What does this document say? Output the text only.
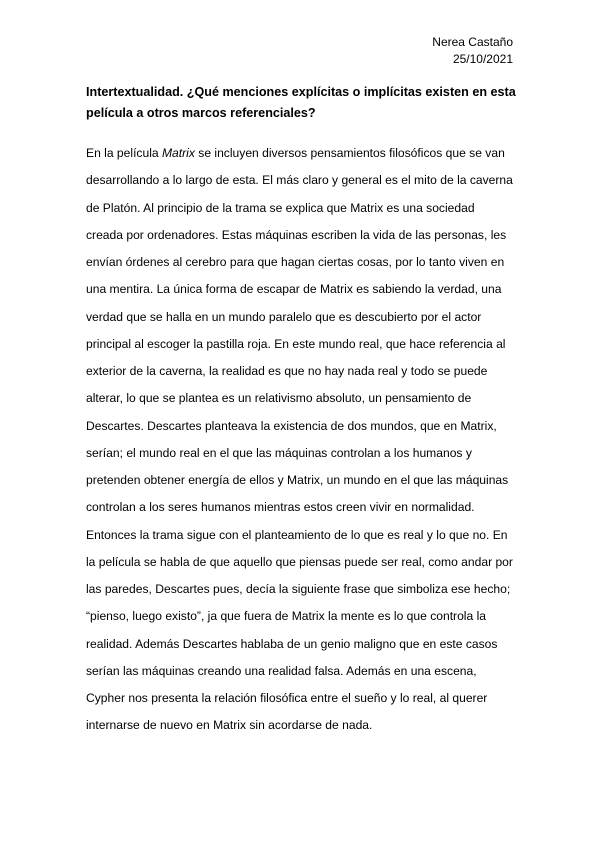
Nerea Castaño
25/10/2021

Intertextualidad. ¿Qué menciones explícitas o implícitas existen en esta
película a otros marcos referenciales?

En la película Matrix se incluyen diversos pensamientos filosóficos que se van
desarrollando a lo largo de esta. El más claro y general es el mito de la caverna
de Platón. Al principio de la trama se explica que Matrix es una sociedad
creada por ordenadores. Estas máquinas escriben la vida de las personas, les
envían órdenes al cerebro para que hagan ciertas cosas, por lo tanto viven en
una mentira. La única forma de escapar de Matrix es sabiendo la verdad, una
verdad que se halla en un mundo paralelo que es descubierto por el actor
principal al escoger la pastilla roja. En este mundo real, que hace referencia al
exterior de la caverna, la realidad es que no hay nada real y todo se puede
alterar, lo que se plantea es un relativismo absoluto, un pensamiento de
Descartes. Descartes planteava la existencia de dos mundos, que en Matrix,
serían; el mundo real en el que las máquinas controlan a los humanos y
pretenden obtener energía de ellos y Matrix, un mundo en el que las máquinas
controlan a los seres humanos mientras estos creen vivir en normalidad.
Entonces la trama sigue con el planteamiento de lo que es real y lo que no. En
la película se habla de que aquello que piensas puede ser real, como andar por
las paredes, Descartes pues, decía la siguiente frase que simboliza ese hecho;
“pienso, luego existo”, ja que fuera de Matrix la mente es lo que controla la
realidad. Además Descartes hablaba de un genio maligno que en este casos
serían las máquinas creando una realidad falsa. Además en una escena,
Cypher nos presenta la relación filosófica entre el sueño y lo real, al querer
internarse de nuevo en Matrix sin acordarse de nada.
